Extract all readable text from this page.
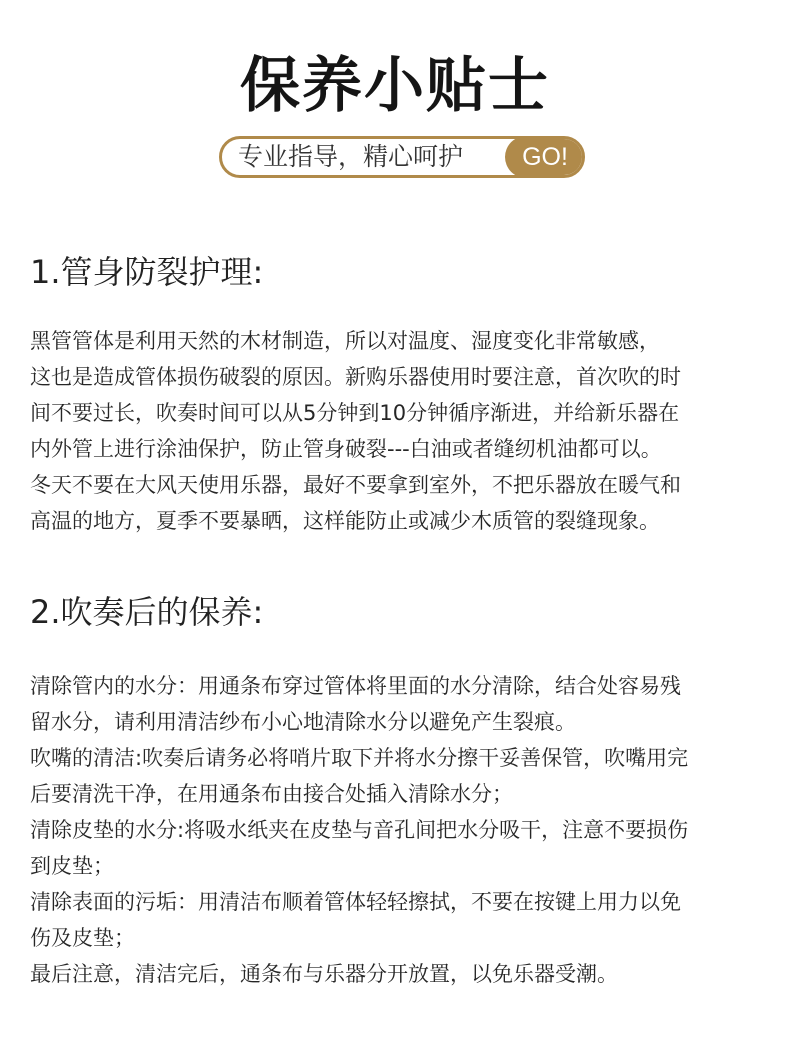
保养小贴士
专业指导，精心呵护	GO!
1.管身防裂护理:
黑管管体是利用天然的木材制造，所以对温度、湿度变化非常敏感，
这也是造成管体损伤破裂的原因。新购乐器使用时要注意，首次吹的时
间不要过长，吹奏时间可以从5分钟到10分钟循序渐进，并给新乐器在
内外管上进行涂油保护，防止管身破裂---白油或者缝纫机油都可以。
冬天不要在大风天使用乐器，最好不要拿到室外，不把乐器放在暖气和
高温的地方，夏季不要暴晒，这样能防止或减少木质管的裂缝现象。
2.吹奏后的保养:
清除管内的水分：用通条布穿过管体将里面的水分清除，结合处容易残
留水分，请利用清洁纱布小心地清除水分以避免产生裂痕。
吹嘴的清洁:吹奏后请务必将哨片取下并将水分擦干妥善保管，吹嘴用完
后要清洗干净，在用通条布由接合处插入清除水分；
清除皮垫的水分:将吸水纸夹在皮垫与音孔间把水分吸干，注意不要损伤
到皮垫；
清除表面的污垢：用清洁布顺着管体轻轻擦拭，不要在按键上用力以免
伤及皮垫；
最后注意，清洁完后，通条布与乐器分开放置，以免乐器受潮。
